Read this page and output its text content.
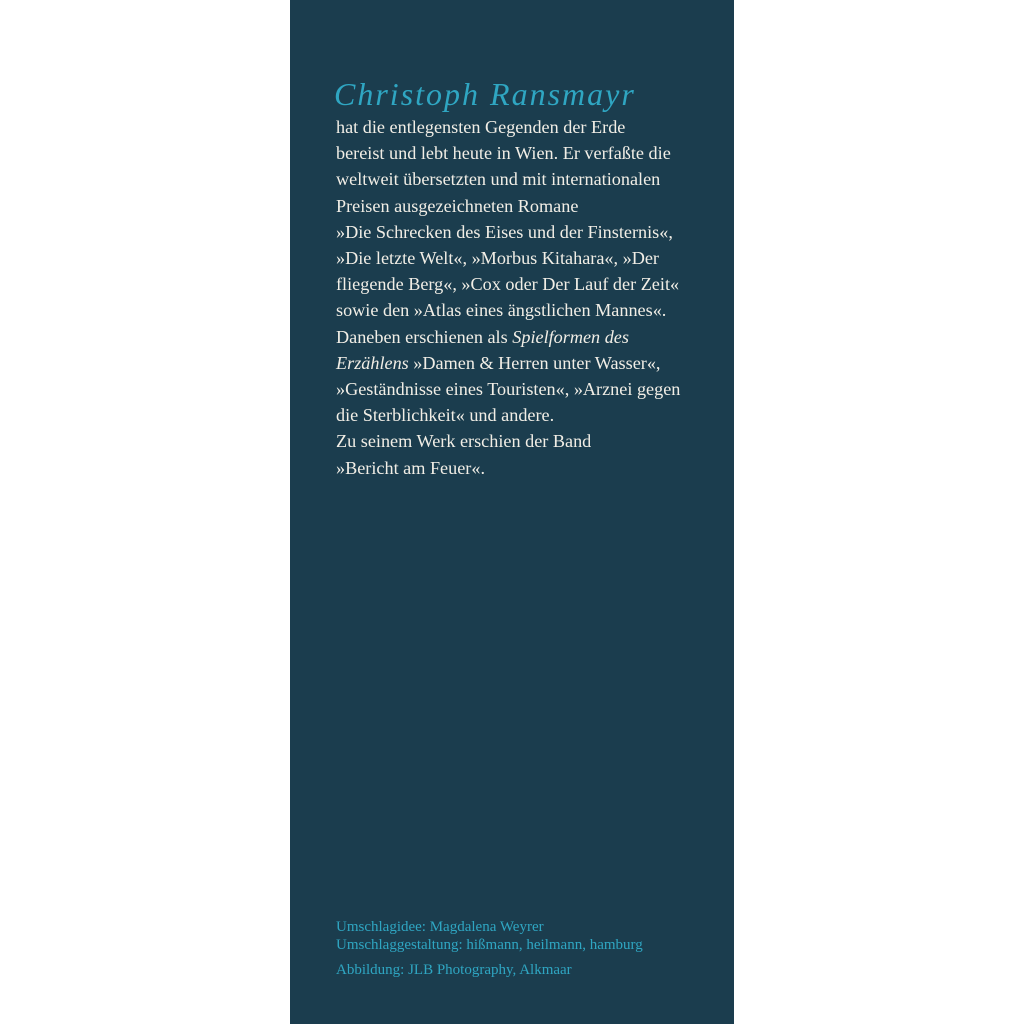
Christoph Ransmayr

hat die entlegensten Gegenden der Erde
bereist und lebt heute in Wien. Er verfaßte die
weltweit übersetzten und mit internationalen
Preisen ausgezeichneten Romane
»Die Schrecken des Eises und der Finsternis«,
»Die letzte Welt«, »Morbus Kitahara«, »Der
fliegende Berg«, »Cox oder Der Lauf der Zeit«
sowie den »Atlas eines ängstlichen Mannes«.
Daneben erschienen als Spielformen des
Erzählens »Damen & Herren unter Wasser«,
»Geständnisse eines Touristen«, »Arznei gegen
die Sterblichkeit« und andere.
Zu seinem Werk erschien der Band
»Bericht am Feuer«.

Umschlagidee: Magdalena Weyrer
Umschlaggestaltung: hißmann, heilmann, hamburg
Abbildung: JLB Photography, Alkmaar
